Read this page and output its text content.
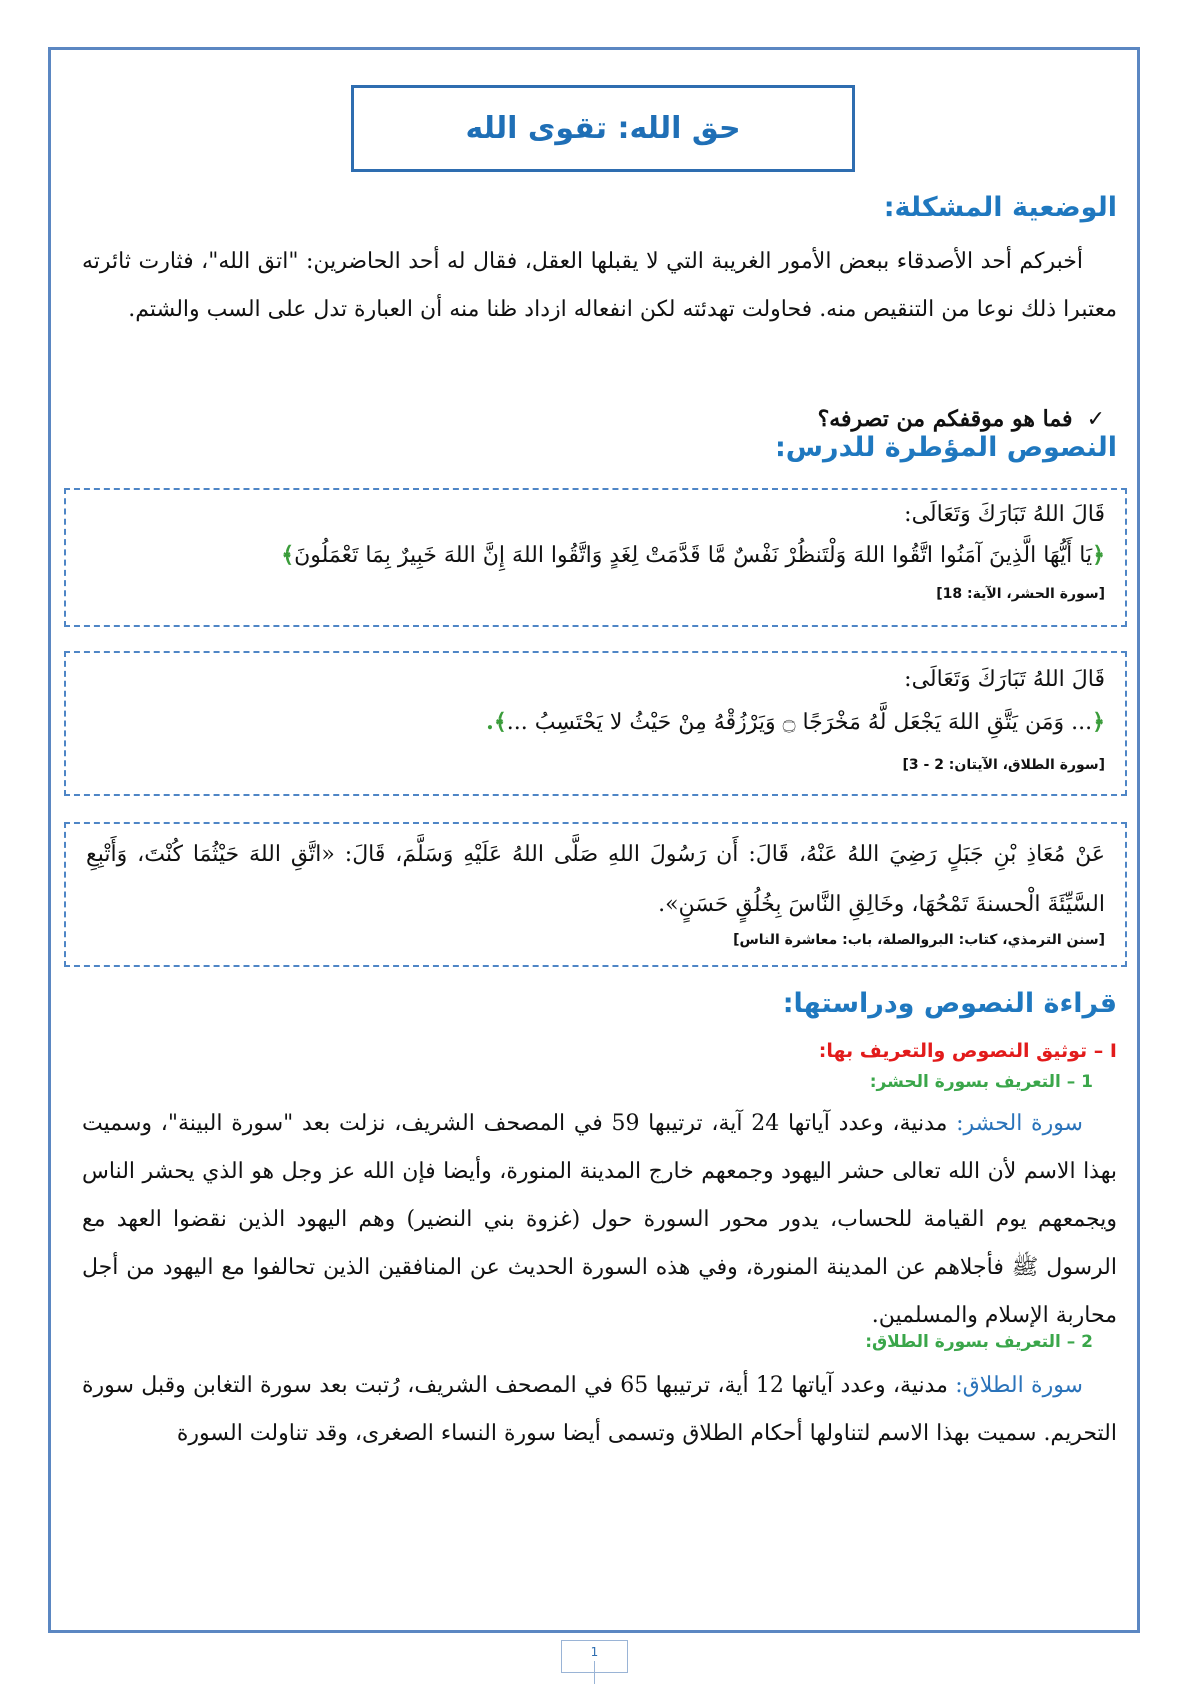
حق الله: تقوى الله
الوضعية المشكلة:
أخبركم أحد الأصدقاء ببعض الأمور الغريبة التي لا يقبلها العقل، فقال له أحد الحاضرين: "اتق الله"، فثارت ثائرته معتبرا ذلك نوعا من التنقيص منه. فحاولت تهدئته لكن انفعاله ازداد ظنا منه أن العبارة تدل على السب والشتم.
✓فما هو موقفكم من تصرفه؟
النصوص المؤطرة للدرس:
قَالَ اللهُ تَبَارَكَ وَتَعَالَى:
﴿يَا أَيُّهَا الَّذِينَ آمَنُوا اتَّقُوا اللهَ وَلْتَنظُرْ نَفْسٌ مَّا قَدَّمَتْ لِغَدٍ وَاتَّقُوا اللهَ إِنَّ اللهَ خَبِيرٌ بِمَا تَعْمَلُونَ﴾
[سورة الحشر، الآية: 18]
قَالَ اللهُ تَبَارَكَ وَتَعَالَى:
﴿... وَمَن يَتَّقِ اللهَ يَجْعَل لَّهُ مَخْرَجًا ۝ وَيَرْزُقْهُ مِنْ حَيْثُ لا يَحْتَسِبُ ...﴾.
[سورة الطلاق، الآيتان: 2 - 3]
عَنْ مُعَاذِ بْنِ جَبَلٍ رَضِيَ اللهُ عَنْهُ، قَالَ: أَن رَسُولَ اللهِ صَلَّى اللهُ عَلَيْهِ وَسَلَّمَ، قَالَ: «اتَّقِ اللهَ حَيْثُمَا كُنْتَ، وَأَتْبِعِ السَّيِّئَةَ الْحسنةَ تَمْحُهَا، وخَالِقِ النَّاسَ بِخُلُقٍ حَسَنٍ».
[سنن الترمذي، كتاب: البروالصلة، باب: معاشرة الناس]
قراءة النصوص ودراستها:
I – توثيق النصوص والتعريف بها:
1 – التعريف بسورة الحشر:
سورة الحشر: مدنية، وعدد آياتها 24 آية، ترتيبها 59 في المصحف الشريف، نزلت بعد "سورة البينة"، وسميت بهذا الاسم لأن الله تعالى حشر اليهود وجمعهم خارج المدينة المنورة، وأيضا فإن الله عز وجل هو الذي يحشر الناس ويجمعهم يوم القيامة للحساب، يدور محور السورة حول (غزوة بني النضير) وهم اليهود الذين نقضوا العهد مع الرسول ﷺ فأجلاهم عن المدينة المنورة، وفي هذه السورة الحديث عن المنافقين الذين تحالفوا مع اليهود من أجل محاربة الإسلام والمسلمين.
2 – التعريف بسورة الطلاق:
سورة الطلاق: مدنية، وعدد آياتها 12 أية، ترتيبها 65 في المصحف الشريف، رُتبت بعد سورة التغابن وقبل سورة التحريم. سميت بهذا الاسم لتناولها أحكام الطلاق وتسمى أيضا سورة النساء الصغرى، وقد تناولت السورة
1
